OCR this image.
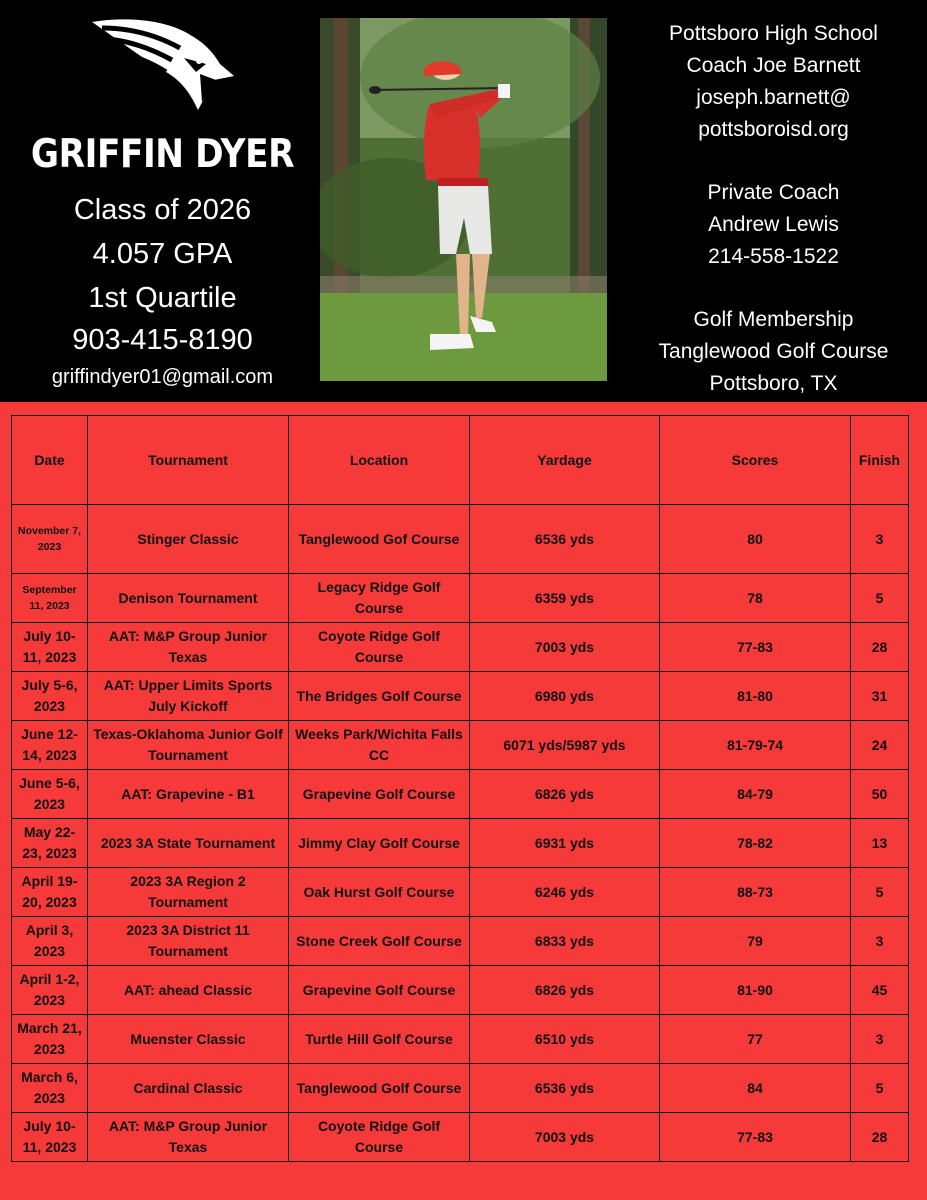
GRIFFIN DYER
Class of 2026
4.057 GPA
1st Quartile
903-415-8190
griffindyer01@gmail.com
Pottsboro High School
Coach Joe Barnett
joseph.barnett@
pottsboroisd.org
Private Coach
Andrew Lewis
214-558-1522
Golf Membership
Tanglewood Golf Course
Pottsboro, TX
Date	Tournament	Location	Yardage	Scores	Finish
November 7, 2023	Stinger Classic	Tanglewood Gof Course	6536 yds	80	3
September 11, 2023	Denison Tournament	Legacy Ridge Golf Course	6359 yds	78	5
July 10-11, 2023	AAT: M&P Group Junior Texas	Coyote Ridge Golf Course	7003 yds	77-83	28
July 5-6, 2023	AAT: Upper Limits Sports July Kickoff	The Bridges Golf Course	6980 yds	81-80	31
June 12-14, 2023	Texas-Oklahoma Junior Golf Tournament	Weeks Park/Wichita Falls CC	6071 yds/5987 yds	81-79-74	24
June 5-6, 2023	AAT: Grapevine - B1	Grapevine Golf Course	6826 yds	84-79	50
May 22-23, 2023	2023 3A State Tournament	Jimmy Clay Golf Course	6931 yds	78-82	13
April 19-20, 2023	2023 3A Region 2 Tournament	Oak Hurst Golf Course	6246 yds	88-73	5
April 3, 2023	2023 3A District 11 Tournament	Stone Creek Golf Course	6833 yds	79	3
April 1-2, 2023	AAT: ahead Classic	Grapevine Golf Course	6826 yds	81-90	45
March 21, 2023	Muenster Classic	Turtle Hill Golf Course	6510 yds	77	3
March 6, 2023	Cardinal Classic	Tanglewood Golf Course	6536 yds	84	5
July 10-11, 2023	AAT: M&P Group Junior Texas	Coyote Ridge Golf Course	7003 yds	77-83	28
